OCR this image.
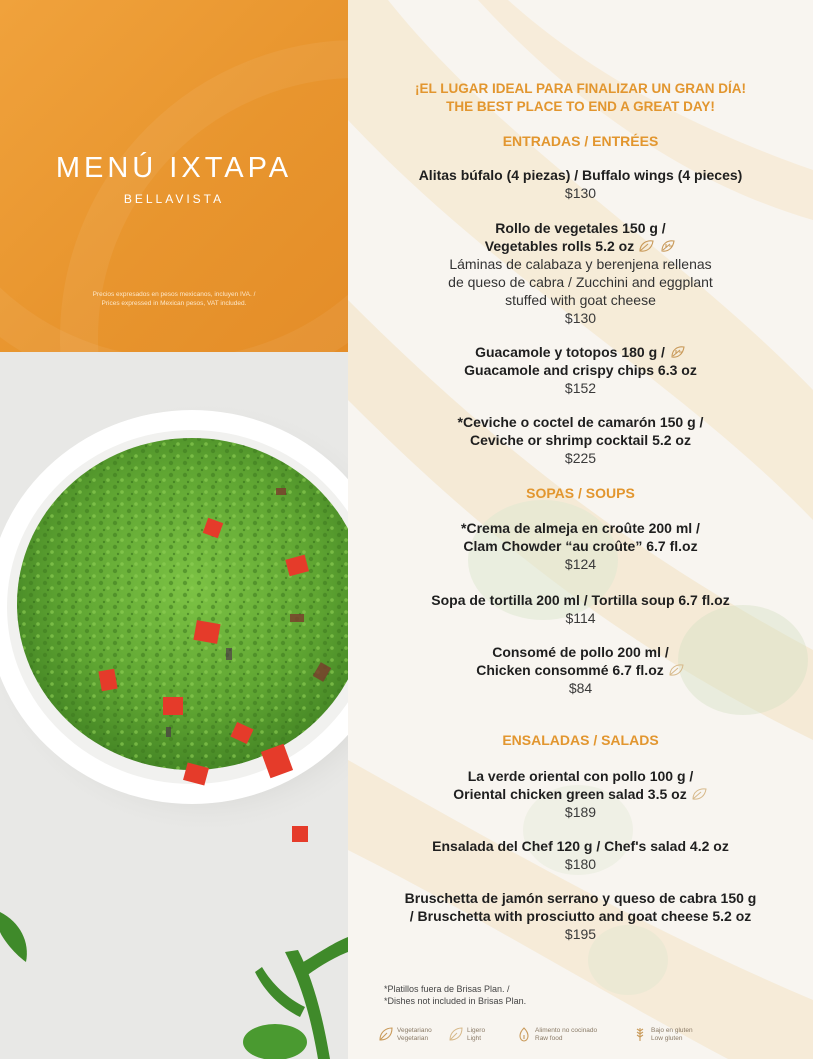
MENÚ IXTAPA
BELLAVISTA
Precios expresados en pesos mexicanos, incluyen IVA. /
Prices expressed in Mexican pesos, VAT included.
¡EL LUGAR IDEAL PARA FINALIZAR UN GRAN DÍA!
THE BEST PLACE TO END A GREAT DAY!
ENTRADAS / ENTRÉES
Alitas búfalo (4 piezas) / Buffalo wings (4 pieces)
$130
Rollo de vegetales 150 g /
Vegetables rolls 5.2 oz
Láminas de calabaza y berenjena rellenas
de queso de cabra / Zucchini and eggplant
stuffed with goat cheese
$130
Guacamole y totopos 180 g /
Guacamole and crispy chips 6.3 oz
$152
*Ceviche o coctel de camarón 150 g /
Ceviche or shrimp cocktail 5.2 oz
$225
SOPAS / SOUPS
*Crema de almeja en croûte 200 ml /
Clam Chowder “au croûte” 6.7 fl.oz
$124
Sopa de tortilla 200 ml / Tortilla soup 6.7 fl.oz
$114
Consomé de pollo 200 ml /
Chicken consommé 6.7 fl.oz
$84
ENSALADAS / SALADS
La verde oriental con pollo 100 g /
Oriental chicken green salad 3.5 oz
$189
Ensalada del Chef 120 g / Chef's salad 4.2 oz
$180
Bruschetta de jamón serrano y queso de cabra 150 g
/ Bruschetta with prosciutto and goat cheese 5.2 oz
$195
*Platillos fuera de Brisas Plan. /
*Dishes not included in Brisas Plan.
Vegetariano
Vegetarian
Ligero
Light
Alimento no cocinado
Raw food
Bajo en gluten
Low gluten
